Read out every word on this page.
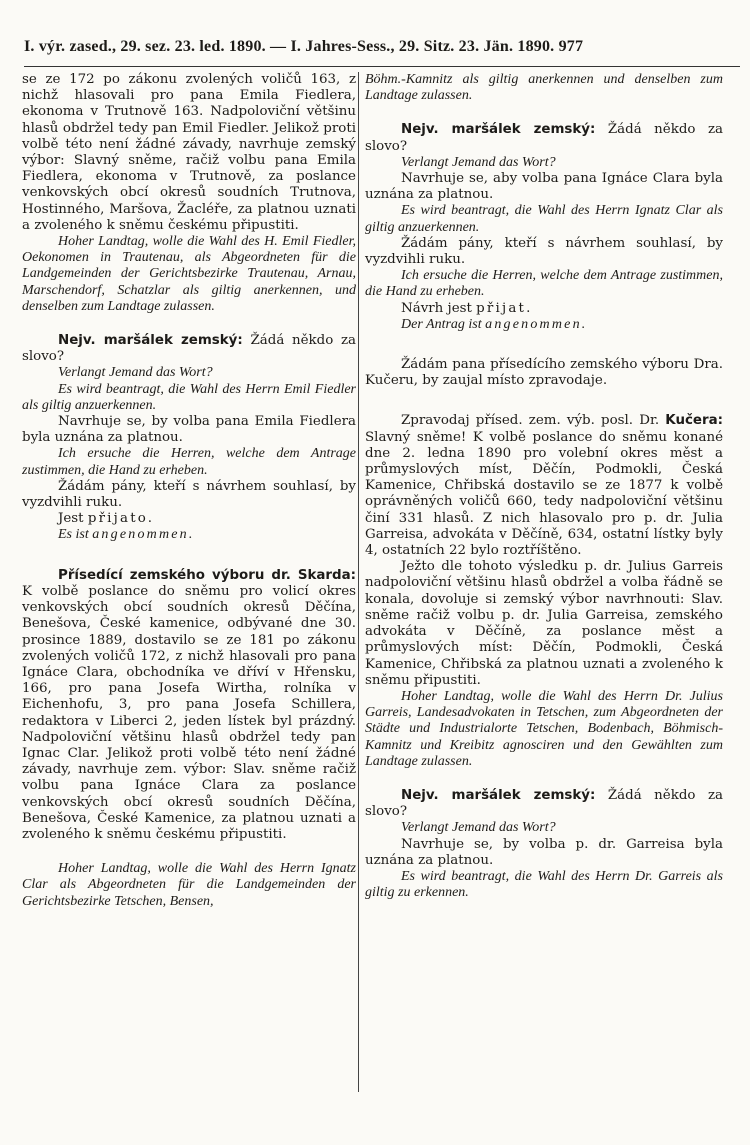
I. výr. zased., 29. sez. 23. led. 1890. — I. Jahres-Sess., 29. Sitz. 23. Jän. 1890. 977

se ze 172 po zákonu zvolených voličů 163, z nichž hlasovali pro pana Emila Fiedlera, ekonoma v Trutnově 163. Nadpoloviční většinu hlasů obdržel tedy pan Emil Fiedler. Jelikož proti volbě této není žádné závady, navrhuje zemský výbor: Slavný sněme, račiž volbu pana Emila Fiedlera, ekonoma v Trutnově, za poslance venkovských obcí okresů soudních Trutnova, Hostinného, Maršova, Žacléře, za platnou uznati a zvoleného k sněmu českému připustiti.

Hoher Landtag, wolle die Wahl des H. Emil Fiedler, Oekonomen in Trautenau, als Abgeordneten für die Landgemeinden der Gerichtsbezirke Trautenau, Arnau, Marschendorf, Schatzlar als giltig anerkennen, und denselben zum Landtage zulassen.

Nejv. maršálek zemský: Žádá někdo za slovo?

Verlangt Jemand das Wort?

Es wird beantragt, die Wahl des Herrn Emil Fiedler als giltig anzuerkennen.

Navrhuje se, by volba pana Emila Fiedlera byla uznána za platnou.

Ich ersuche die Herren, welche dem Antrage zustimmen, die Hand zu erheben.

Žádám pány, kteří s návrhem souhlasí, by vyzdvihli ruku.

Jest přijato.

Es ist angenommen.

Přísedící zemského výboru dr. Skarda: K volbě poslance do sněmu pro volicí okres venkovských obcí soudních okresů Děčína, Benešova, České kamenice, odbývané dne 30. prosince 1889, dostavilo se ze 181 po zákonu zvolených voličů 172, z nichž hlasovali pro pana Ignáce Clara, obchodníka ve dříví v Hřensku, 166, pro pana Josefa Wirtha, rolníka v Eichenhofu, 3, pro pana Josefa Schillera, redaktora v Liberci 2, jeden lístek byl prázdný. Nadpoloviční většinu hlasů obdržel tedy pan Ignac Clar. Jelikož proti volbě této není žádné závady, navrhuje zem. výbor: Slav. sněme račiž volbu pana Ignáce Clara za poslance venkovských obcí okresů soudních Děčína, Benešova, České Kamenice, za platnou uznati a zvoleného k sněmu českému připustiti.

Hoher Landtag, wolle die Wahl des Herrn Ignatz Clar als Abgeordneten für die Landgemeinden der Gerichtsbezirke Tetschen, Bensen,

Böhm.-Kamnitz als giltig anerkennen und denselben zum Landtage zulassen.

Nejv. maršálek zemský: Žádá někdo za slovo?

Verlangt Jemand das Wort?

Navrhuje se, aby volba pana Ignáce Clara byla uznána za platnou.

Es wird beantragt, die Wahl des Herrn Ignatz Clar als giltig anzuerkennen.

Žádám pány, kteří s návrhem souhlasí, by vyzdvihli ruku.

Ich ersuche die Herren, welche dem Antrage zustimmen, die Hand zu erheben.

Návrh jest přijat.

Der Antrag ist angenommen.

Žádám pana přísedícího zemského výboru Dra. Kučeru, by zaujal místo zpravodaje.

Zpravodaj přísed. zem. výb. posl. Dr. Kučera: Slavný sněme! K volbě poslance do sněmu konané dne 2. ledna 1890 pro volební okres měst a průmyslových míst, Děčín, Podmokli, Česká Kamenice, Chřibská dostavilo se ze 1877 k volbě oprávněných voličů 660, tedy nadpoloviční většinu činí 331 hlasů. Z nich hlasovalo pro p. dr. Julia Garreisa, advokáta v Děčíně, 634, ostatní lístky byly 4, ostatních 22 bylo roztříštěno.

Ježto dle tohoto výsledku p. dr. Julius Garreis nadpoloviční většinu hlasů obdržel a volba řádně se konala, dovoluje si zemský výbor navrhnouti: Slav. sněme račiž volbu p. dr. Julia Garreisa, zemského advokáta v Děčíně, za poslance měst a průmyslových míst: Děčín, Podmokli, Česká Kamenice, Chřibská za platnou uznati a zvoleného k sněmu připustiti.

Hoher Landtag, wolle die Wahl des Herrn Dr. Julius Garreis, Landesadvokaten in Tetschen, zum Abgeordneten der Städte und Industrialorte Tetschen, Bodenbach, Böhmisch-Kamnitz und Kreibitz agnosciren und den Gewählten zum Landtage zulassen.

Nejv. maršálek zemský: Žádá někdo za slovo?

Verlangt Jemand das Wort?

Navrhuje se, by volba p. dr. Garreisa byla uznána za platnou.

Es wird beantragt, die Wahl des Herrn Dr. Garreis als giltig zu erkennen.
